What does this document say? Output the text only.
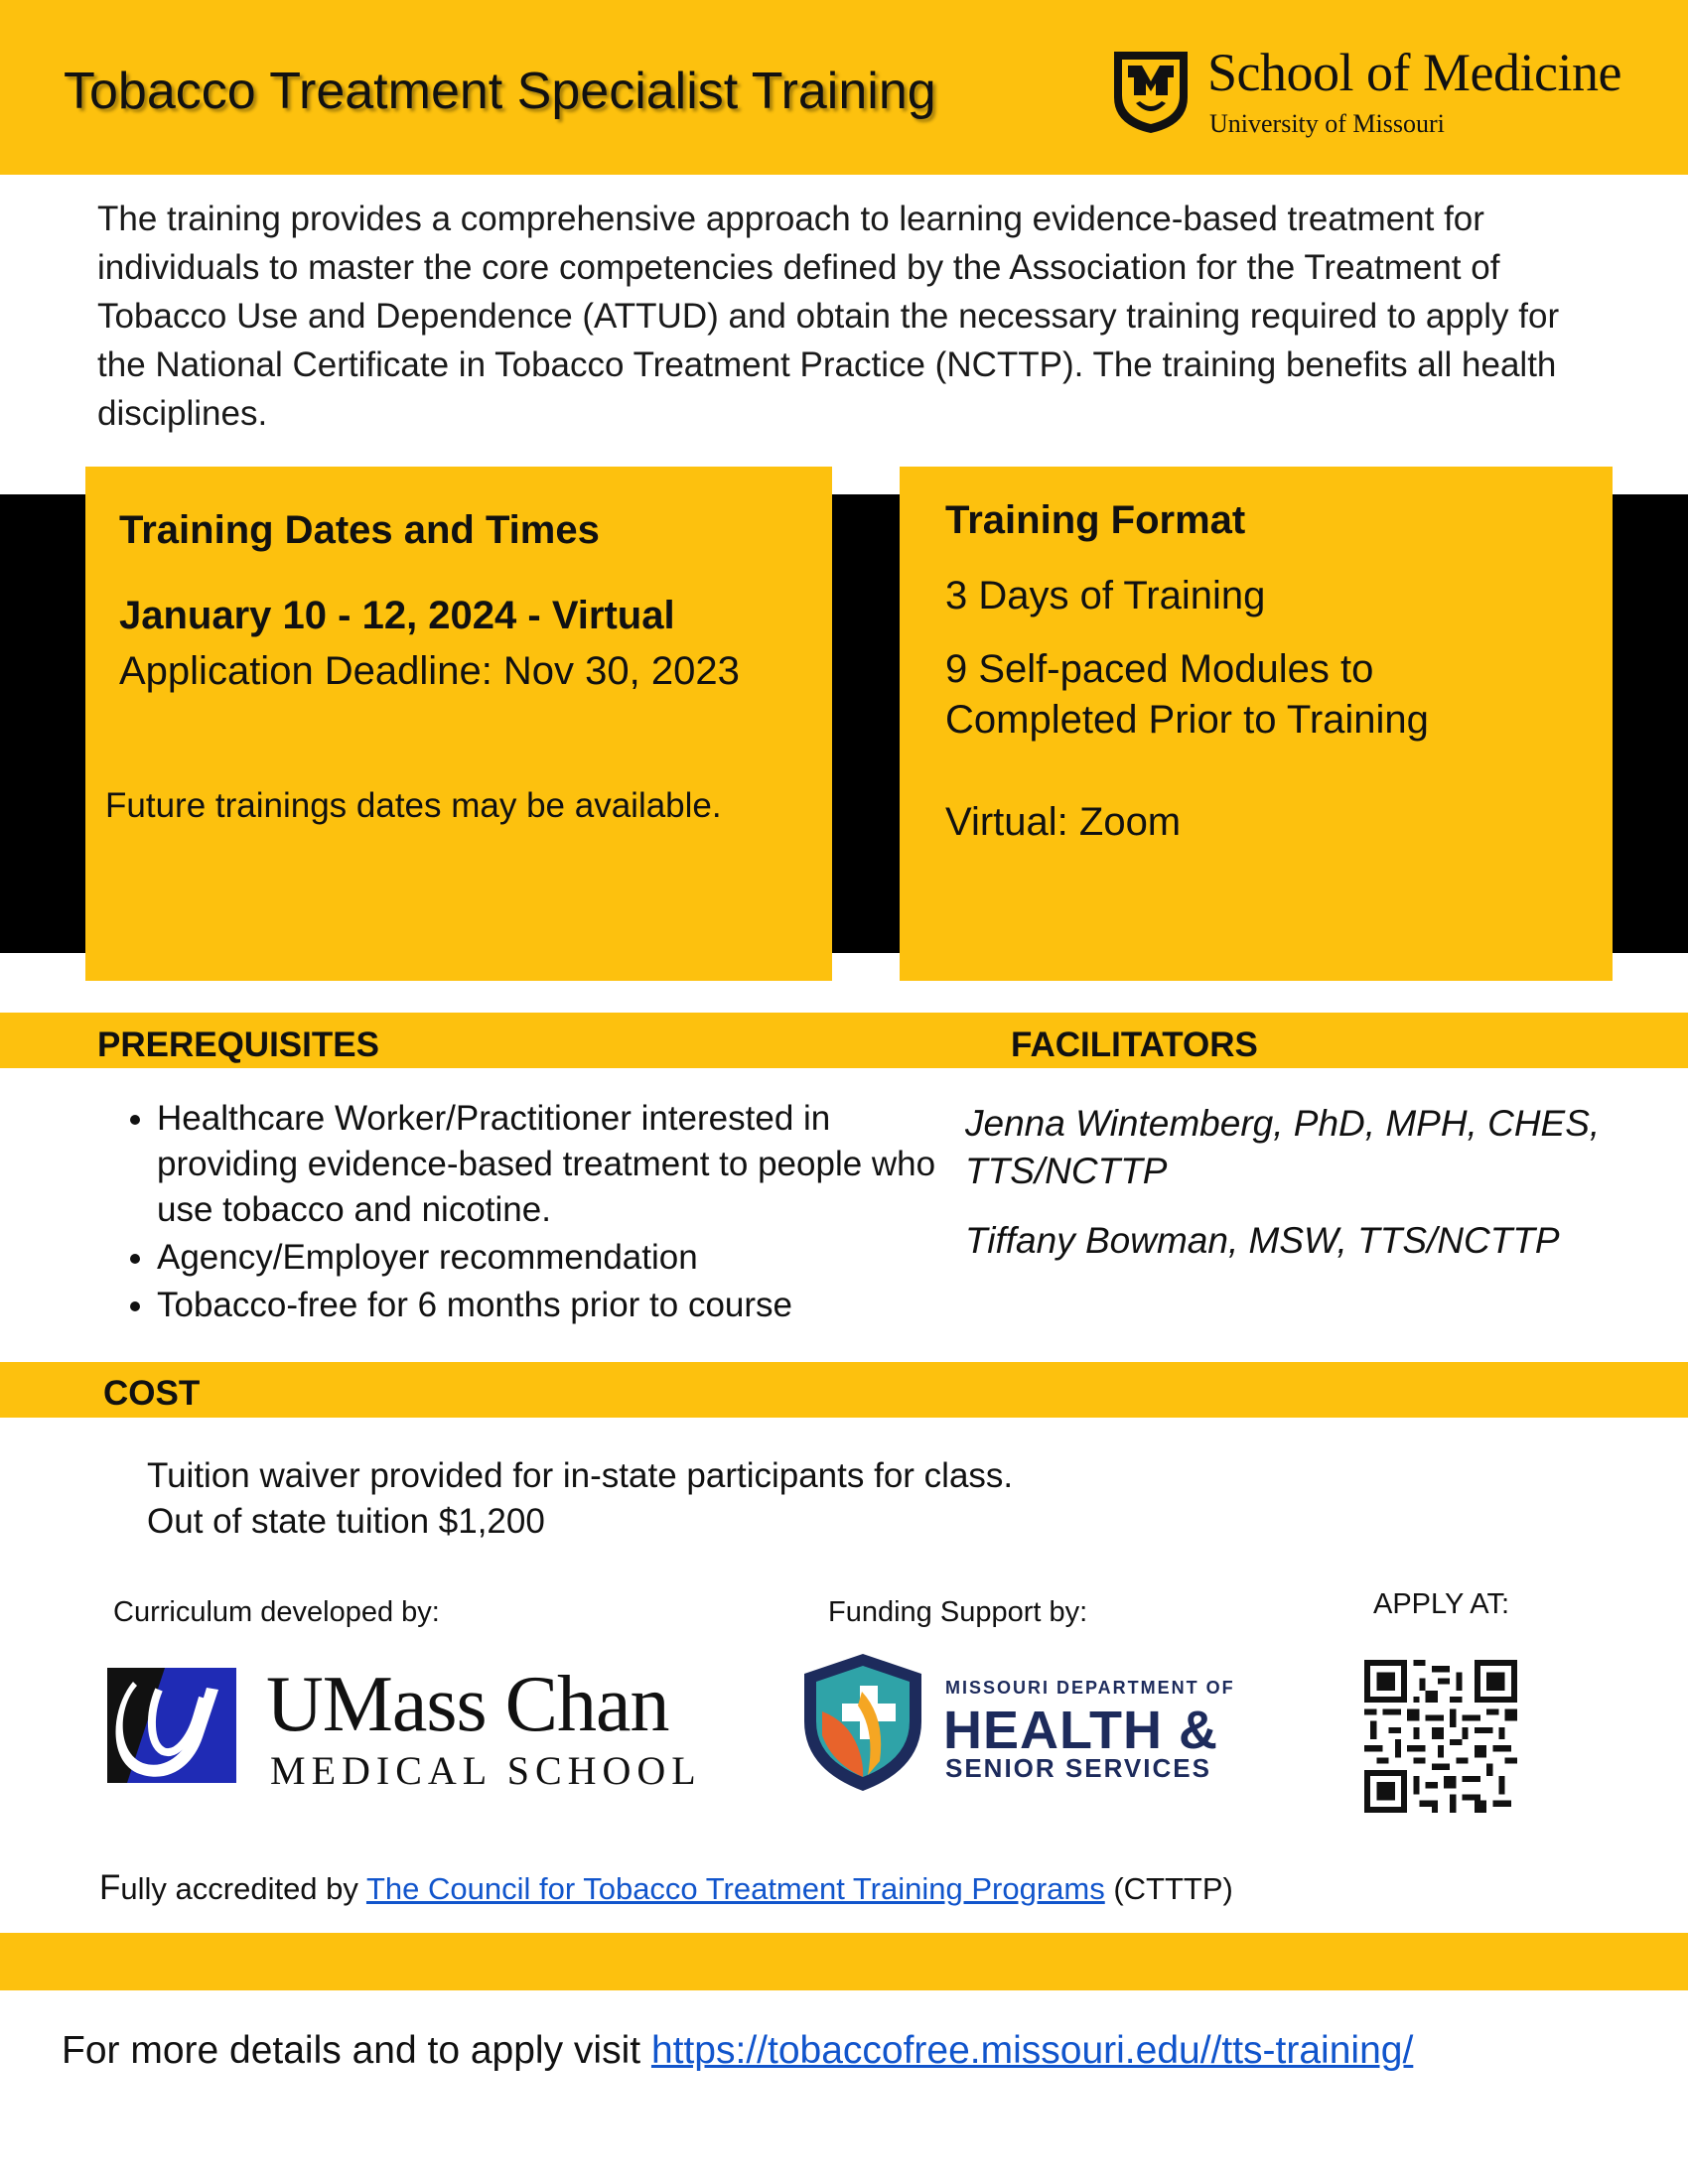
Tobacco Treatment Specialist Training	School of Medicine
University of Missouri
The training provides a comprehensive approach to learning evidence-based treatment for individuals to master the core competencies defined by the Association for the Treatment of Tobacco Use and Dependence (ATTUD) and obtain the necessary training required to apply for the National Certificate in Tobacco Treatment Practice (NCTTP). The training benefits all health disciplines.
Training Dates and Times
January 10 - 12, 2024 - Virtual
Application Deadline: Nov 30, 2023
Future trainings dates may be available.
Training Format
3 Days of Training
9 Self-paced Modules to
Completed Prior to Training
Virtual: Zoom
PREREQUISITES	FACILITATORS
• Healthcare Worker/Practitioner interested in providing evidence-based treatment to people who use tobacco and nicotine.
• Agency/Employer recommendation
• Tobacco-free for 6 months prior to course
Jenna Wintemberg, PhD, MPH, CHES, TTS/NCTTP
Tiffany Bowman, MSW, TTS/NCTTP
COST
Tuition waiver provided for in-state participants for class.
Out of state tuition $1,200
Curriculum developed by:	Funding Support by:	APPLY AT:
UMass Chan
MEDICAL SCHOOL
MISSOURI DEPARTMENT OF
HEALTH &
SENIOR SERVICES
Fully accredited by The Council for Tobacco Treatment Training Programs (CTTTP)
For more details and to apply visit https://tobaccofree.missouri.edu//tts-training/
